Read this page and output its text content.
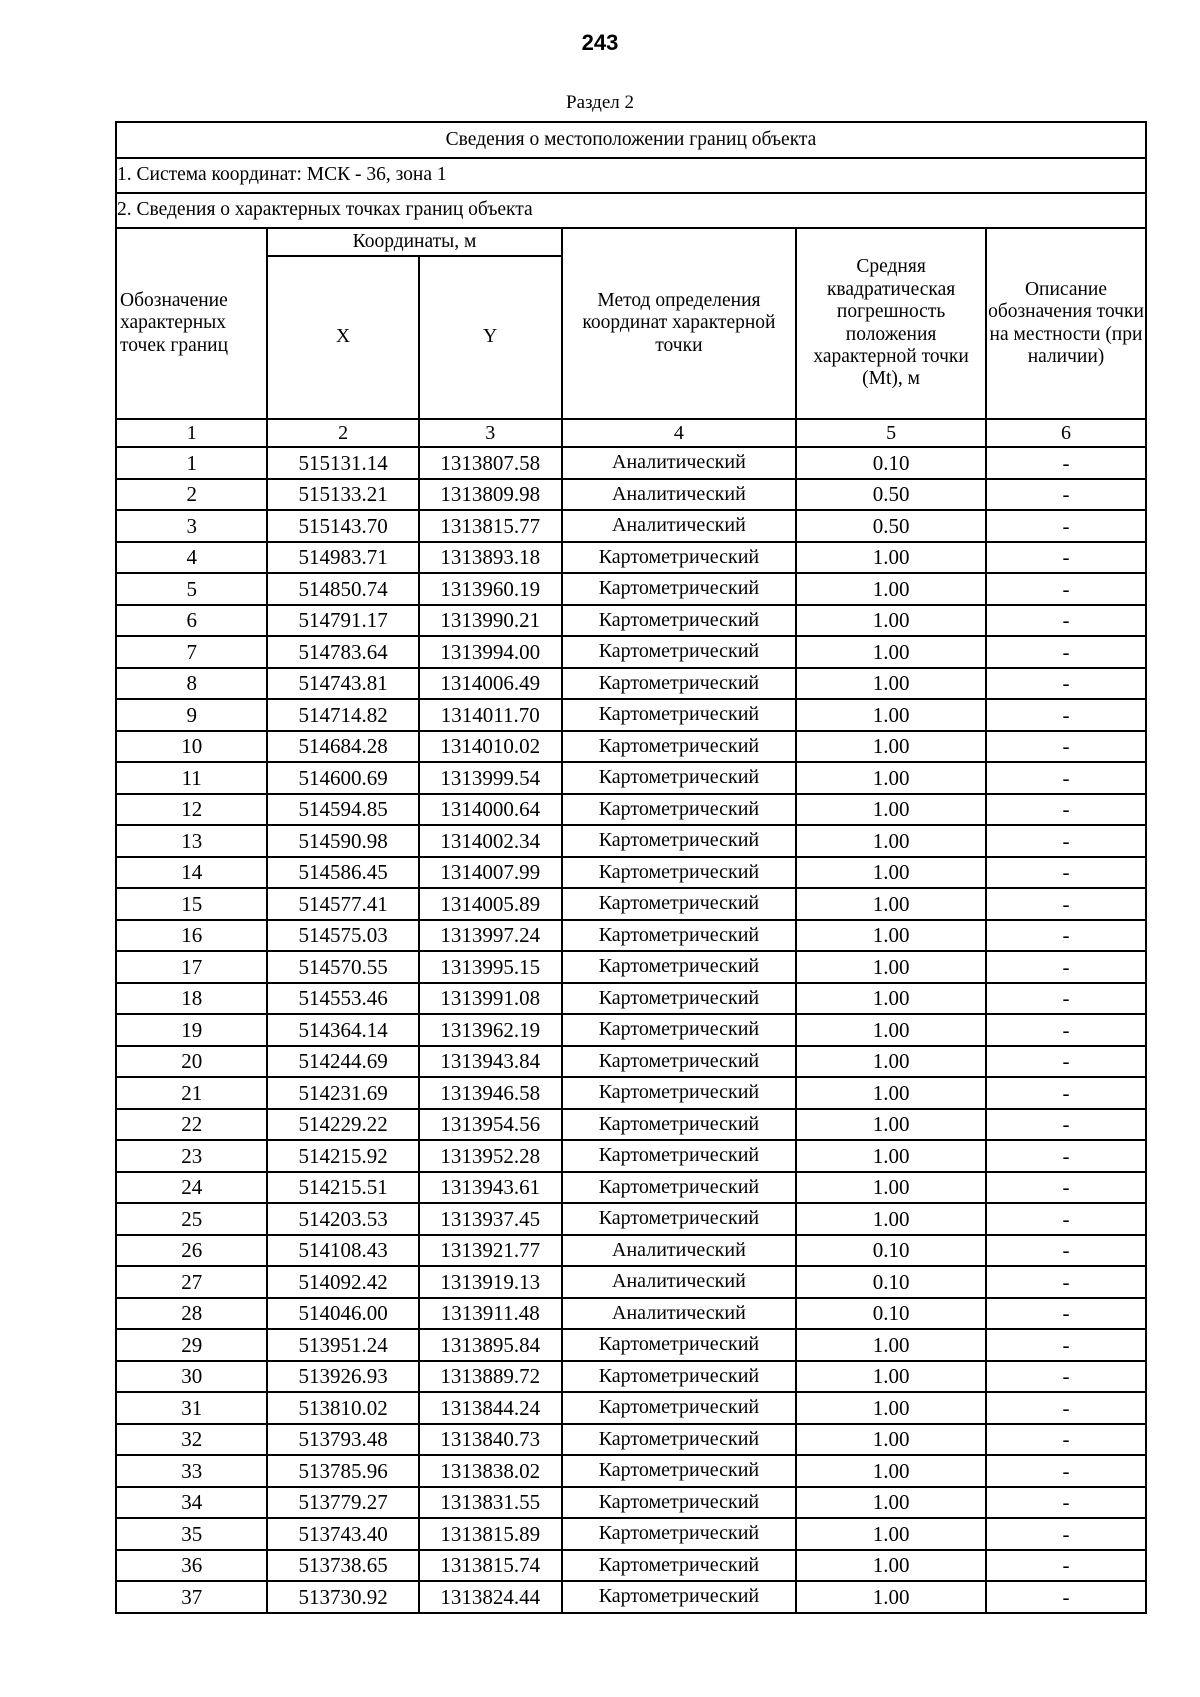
243
Раздел 2
Сведения о местоположении границ объекта					
1. Система координат: МСК - 36, зона 1					
2. Сведения о характерных точках границ объекта					
Обозначение характерных точек границ	Координаты, м		Метод определения координат характерной точки	Средняя квадратическая погрешность положения характерной точки (Mt), м	Описание обозначения точки на местности (при наличии)
	X	Y			
1	2	3	4	5	6
1	515131.14	1313807.58	Аналитический	0.10	-
2	515133.21	1313809.98	Аналитический	0.50	-
3	515143.70	1313815.77	Аналитический	0.50	-
4	514983.71	1313893.18	Картометрический	1.00	-
5	514850.74	1313960.19	Картометрический	1.00	-
6	514791.17	1313990.21	Картометрический	1.00	-
7	514783.64	1313994.00	Картометрический	1.00	-
8	514743.81	1314006.49	Картометрический	1.00	-
9	514714.82	1314011.70	Картометрический	1.00	-
10	514684.28	1314010.02	Картометрический	1.00	-
11	514600.69	1313999.54	Картометрический	1.00	-
12	514594.85	1314000.64	Картометрический	1.00	-
13	514590.98	1314002.34	Картометрический	1.00	-
14	514586.45	1314007.99	Картометрический	1.00	-
15	514577.41	1314005.89	Картометрический	1.00	-
16	514575.03	1313997.24	Картометрический	1.00	-
17	514570.55	1313995.15	Картометрический	1.00	-
18	514553.46	1313991.08	Картометрический	1.00	-
19	514364.14	1313962.19	Картометрический	1.00	-
20	514244.69	1313943.84	Картометрический	1.00	-
21	514231.69	1313946.58	Картометрический	1.00	-
22	514229.22	1313954.56	Картометрический	1.00	-
23	514215.92	1313952.28	Картометрический	1.00	-
24	514215.51	1313943.61	Картометрический	1.00	-
25	514203.53	1313937.45	Картометрический	1.00	-
26	514108.43	1313921.77	Аналитический	0.10	-
27	514092.42	1313919.13	Аналитический	0.10	-
28	514046.00	1313911.48	Аналитический	0.10	-
29	513951.24	1313895.84	Картометрический	1.00	-
30	513926.93	1313889.72	Картометрический	1.00	-
31	513810.02	1313844.24	Картометрический	1.00	-
32	513793.48	1313840.73	Картометрический	1.00	-
33	513785.96	1313838.02	Картометрический	1.00	-
34	513779.27	1313831.55	Картометрический	1.00	-
35	513743.40	1313815.89	Картометрический	1.00	-
36	513738.65	1313815.74	Картометрический	1.00	-
37	513730.92	1313824.44	Картометрический	1.00	-
